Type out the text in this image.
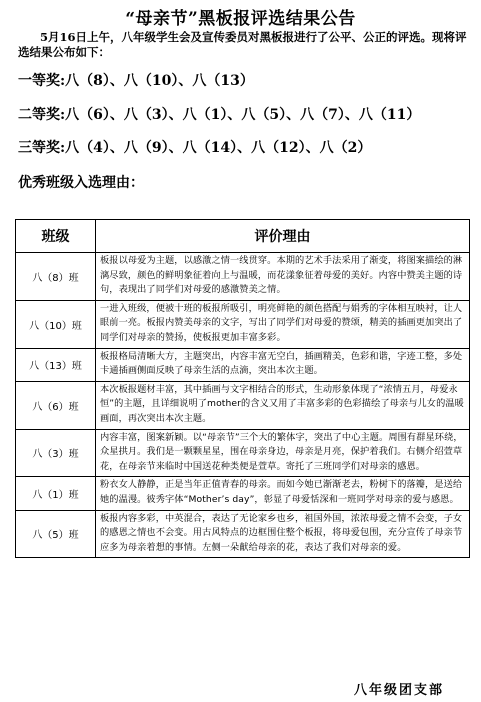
“母亲节”黑板报评选结果公告
5月16日上午，八年级学生会及宣传委员对黑板报进行了公平、公正的评选。现将评选结果公布如下：
一等奖:八（8）、八（10）、八（13）
二等奖:八（6）、八（3）、八（1）、八（5）、八（7）、八（11）
三等奖:八（4）、八（9）、八（14）、八（12）、八（2）
优秀班级入选理由：
班级	评价理由
八（8）班	板报以母爱为主题，以感激之情一线贯穿。本期的艺术手法采用了渐变，将图案描绘的淋漓尽致，颜色的鲜明象征着向上与温暖，而花漾象征着母爱的美好。内容中赞美主题的诗句，表现出了同学们对母爱的感激赞美之情。
八（10）班	一进入班级，便被十班的板报所吸引，明亮鲜艳的颜色搭配与娟秀的字体相互映衬，让人眼前一亮。板报内赞美母亲的文字，写出了同学们对母爱的赞颂，精美的插画更加突出了同学们对母亲的赞扬，使板报更加丰富多彩。
八（13）班	板报格局清晰大方，主题突出，内容丰富无空白，插画精美，色彩和谐，字迹工整，多处卡通插画侧面反映了母亲生活的点滴，突出本次主题。
八（6）班	本次板报题材丰富，其中插画与文字相结合的形式，生动形象体现了“浓情五月，母爱永恒”的主题，且详细说明了mother的含义又用了丰富多彩的色彩描绘了母亲与儿女的温暖画面，再次突出本次主题。
八（3）班	内容丰富，图案新颖。以“母亲节”三个大的繁体字，突出了中心主题。周围有群星环绕，众星拱月。我们是一颗颗星星，围在母亲身边，母亲是月亮，保护着我们。右侧介绍萱草花，在母亲节来临时中国送花种类便是萱草。寄托了三班同学们对母亲的感恩。
八（1）班	粉衣女人静静，正是当年正值青春的母亲。而如今她已渐渐老去，粉树下的落瓣，是送给她的温漫。彼秀字体“Mother’s day”，彰显了母爱恬深和一班同学对母亲的爱与感恩。
八（5）班	板报内容多彩，中英混合，表达了无论家乡也乡，祖国外国，浓浓母爱之情不会变，子女的感恩之情也不会变。用古风特点的边框围住整个板报，将母爱包围，充分宣传了母亲节应多为母亲着想的事情。左侧一朵献给母亲的花，表达了我们对母亲的爱。
八年级团支部
